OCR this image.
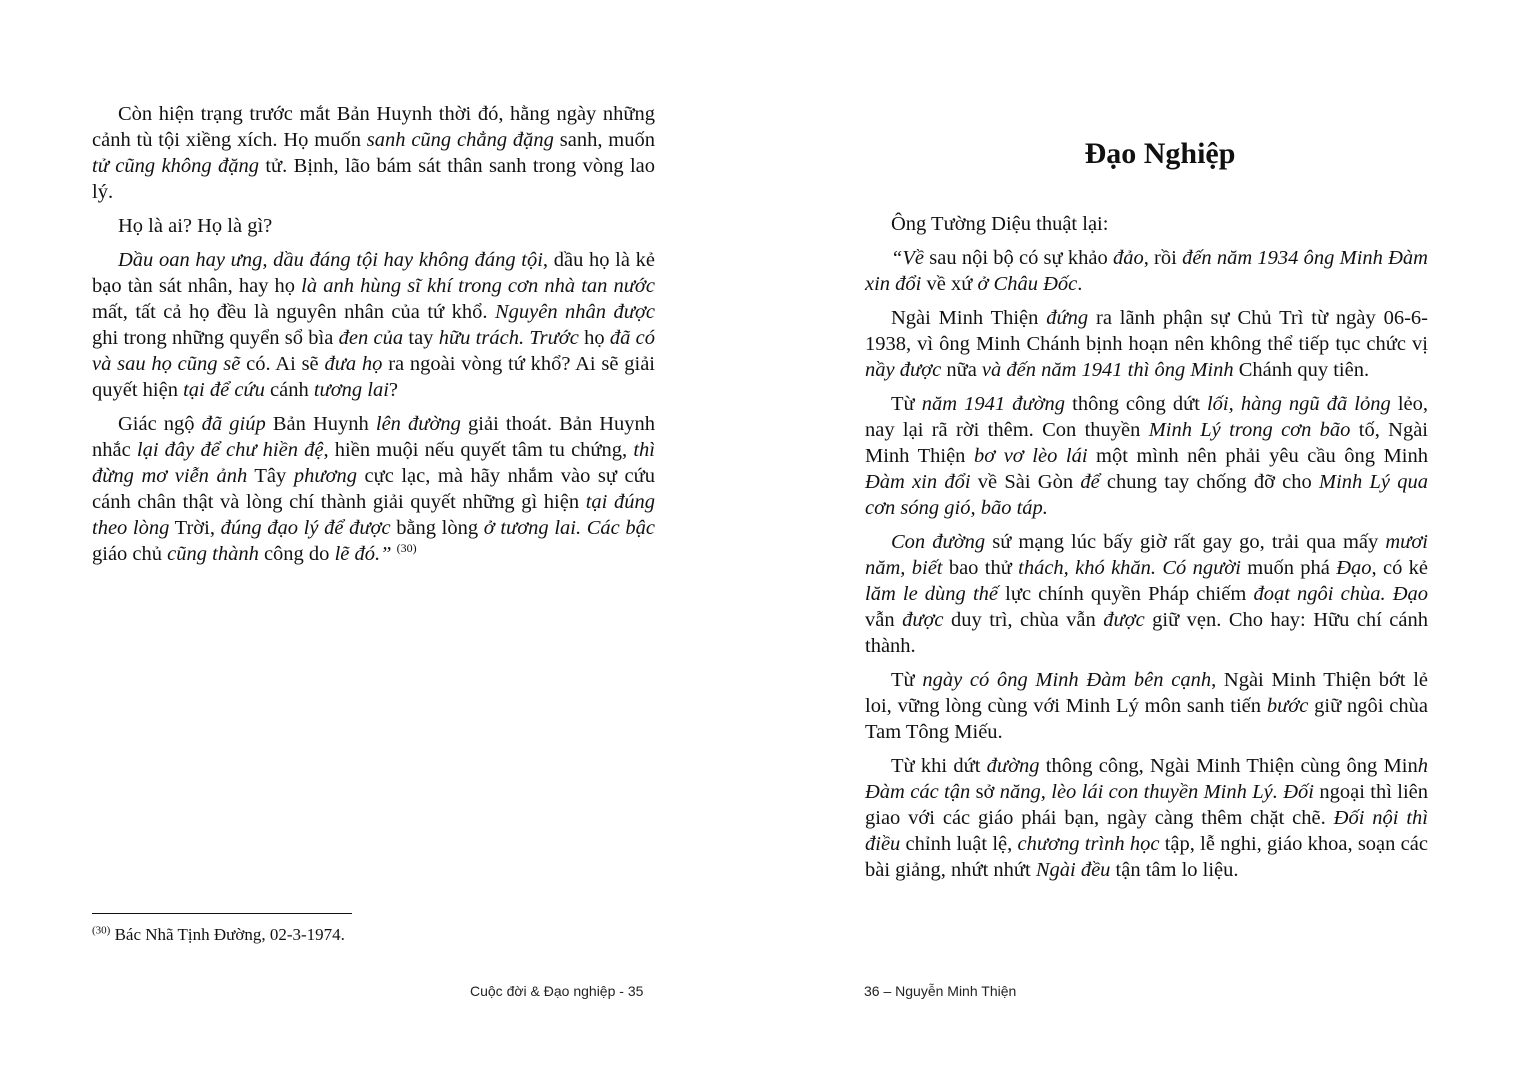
Còn hiện trạng trước mắt Bản Huynh thời đó, hằng ngày những cảnh tù tội xiềng xích. Họ muốn sanh cũng chẳng đặng sanh, muốn tử cũng không đặng tử. Bịnh, lão bám sát thân sanh trong vòng lao lý.

Họ là ai? Họ là gì?

Dầu oan hay ưng, dầu đáng tội hay không đáng tội, dầu họ là kẻ bạo tàn sát nhân, hay họ là anh hùng sĩ khí trong cơn nhà tan nước mất, tất cả họ đều là nguyên nhân của tứ khổ. Nguyên nhân được ghi trong những quyển sổ bìa đen của tay hữu trách. Trước họ đã có và sau họ cũng sẽ có. Ai sẽ đưa họ ra ngoài vòng tứ khổ? Ai sẽ giải quyết hiện tại để cứu cánh tương lai?

Giác ngộ đã giúp Bản Huynh lên đường giải thoát. Bản Huynh nhắc lại đây để chư hiền đệ, hiền muội nếu quyết tâm tu chứng, thì đừng mơ viễn ảnh Tây phương cực lạc, mà hãy nhắm vào sự cứu cánh chân thật và lòng chí thành giải quyết những gì hiện tại đúng theo lòng Trời, đúng đạo lý để được bằng lòng ở tương lai. Các bậc giáo chủ cũng thành công do lẽ đó.” $^{(30)}$

$^{(30)}$ Bác Nhã Tịnh Đường, 02-3-1974.
Cuộc đời & Đạo nghiệp - 35
Đạo Nghiệp

Ông Tường Diệu thuật lại:

“Về sau nội bộ có sự khảo đảo, rồi đến năm 1934 ông Minh Đàm xin đổi về xứ ở Châu Đốc.

Ngài Minh Thiện đứng ra lãnh phận sự Chủ Trì từ ngày 06-6-1938, vì ông Minh Chánh bịnh hoạn nên không thể tiếp tục chức vị nầy được nữa và đến năm 1941 thì ông Minh Chánh quy tiên.

Từ năm 1941 đường thông công dứt lối, hàng ngũ đã lỏng lẻo, nay lại rã rời thêm. Con thuyền Minh Lý trong cơn bão tố, Ngài Minh Thiện bơ vơ lèo lái một mình nên phải yêu cầu ông Minh Đàm xin đổi về Sài Gòn để chung tay chống đỡ cho Minh Lý qua cơn sóng gió, bão táp.

Con đường sứ mạng lúc bấy giờ rất gay go, trải qua mấy mươi năm, biết bao thử thách, khó khăn. Có người muốn phá Đạo, có kẻ lăm le dùng thế lực chính quyền Pháp chiếm đoạt ngôi chùa. Đạo vẫn được duy trì, chùa vẫn được giữ vẹn. Cho hay: Hữu chí cánh thành.

Từ ngày có ông Minh Đàm bên cạnh, Ngài Minh Thiện bớt lẻ loi, vững lòng cùng với Minh Lý môn sanh tiến bước giữ ngôi chùa Tam Tông Miếu.

Từ khi dứt đường thông công, Ngài Minh Thiện cùng ông Minh Đàm các tận sở năng, lèo lái con thuyền Minh Lý. Đối ngoại thì liên giao với các giáo phái bạn, ngày càng thêm chặt chẽ. Đối nội thì điều chỉnh luật lệ, chương trình học tập, lễ nghi, giáo khoa, soạn các bài giảng, nhứt nhứt Ngài đều tận tâm lo liệu.

36 – Nguyễn Minh Thiện
